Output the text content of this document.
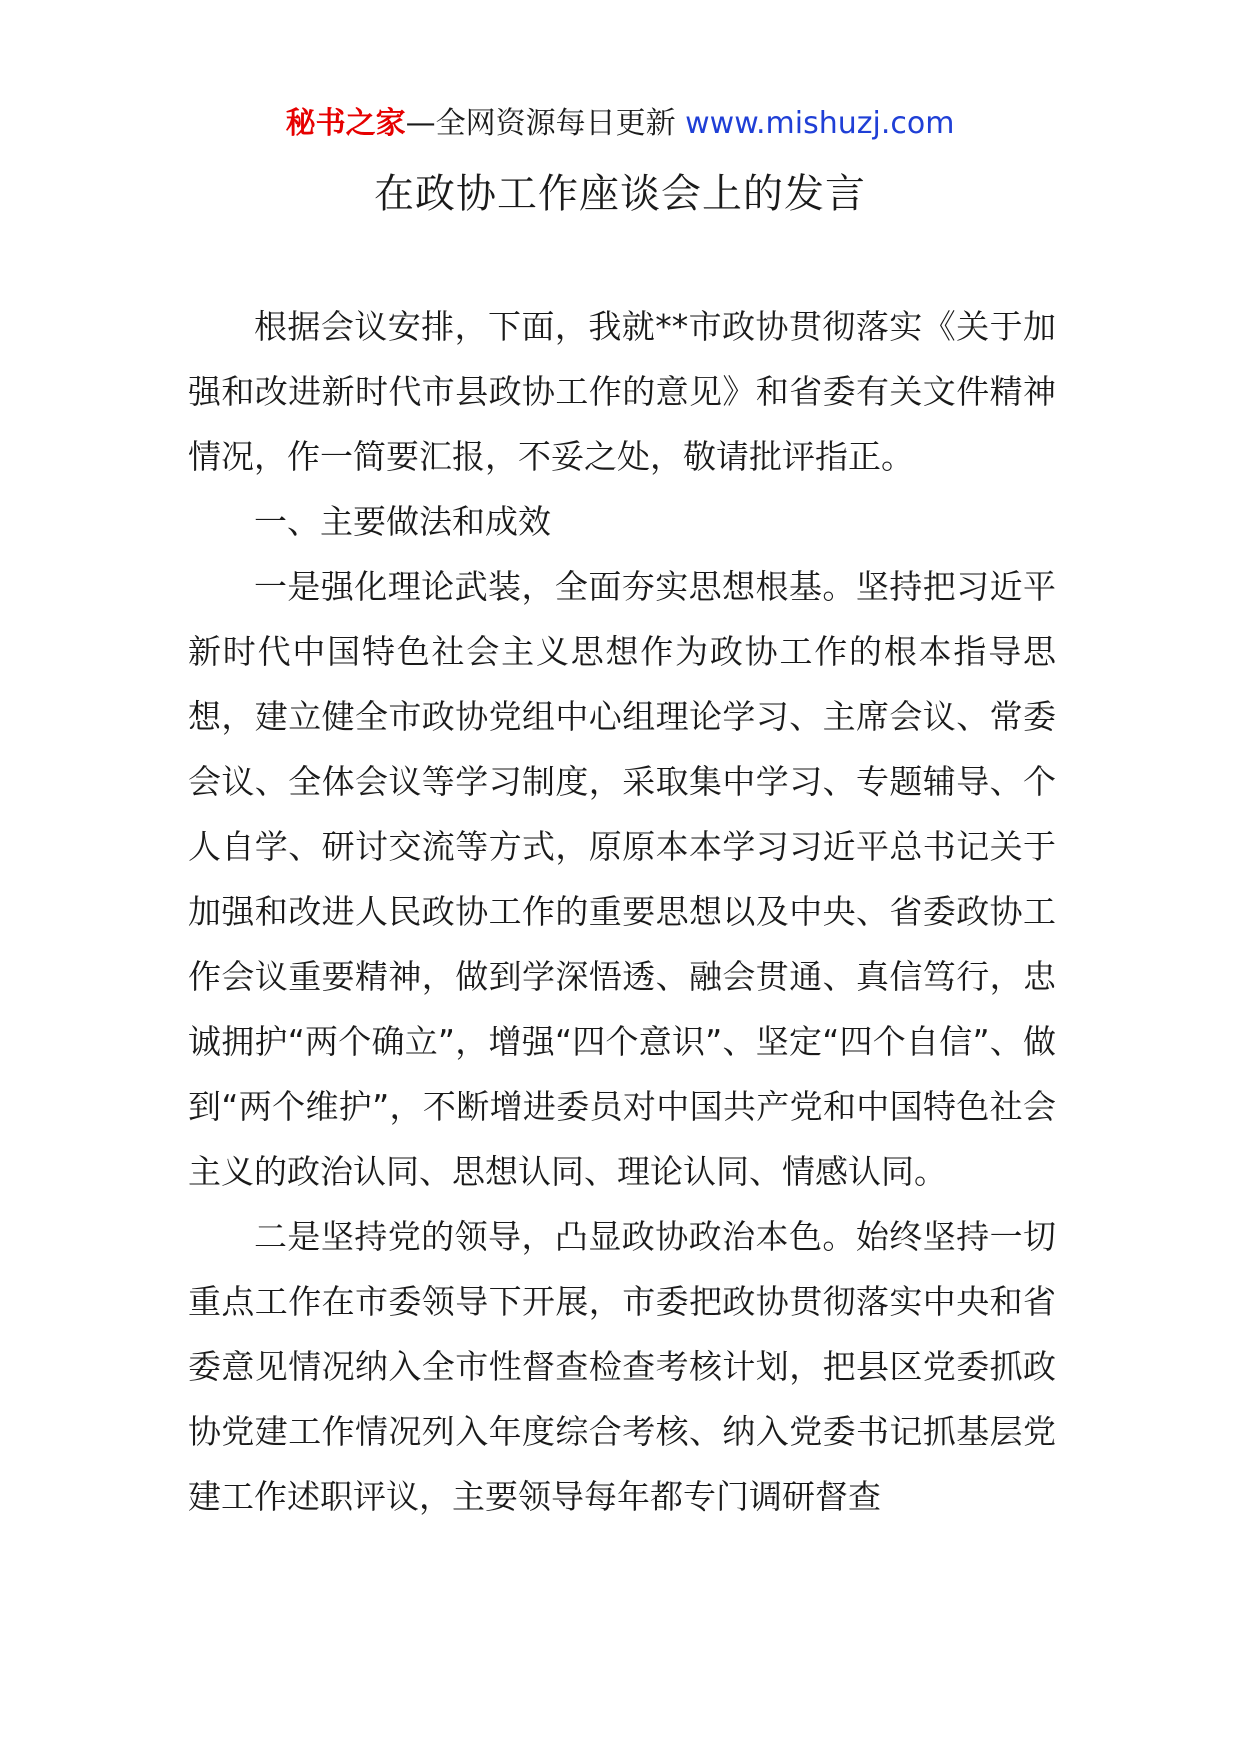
秘书之家—全网资源每日更新 www.mishuzj.com
在政协工作座谈会上的发言

根据会议安排，下面，我就**市政协贯彻落实《关于加强和改进新时代市县政协工作的意见》和省委有关文件精神情况，作一简要汇报，不妥之处，敬请批评指正。

一、主要做法和成效

一是强化理论武装，全面夯实思想根基。坚持把习近平新时代中国特色社会主义思想作为政协工作的根本指导思想，建立健全市政协党组中心组理论学习、主席会议、常委会议、全体会议等学习制度，采取集中学习、专题辅导、个人自学、研讨交流等方式，原原本本学习习近平总书记关于加强和改进人民政协工作的重要思想以及中央、省委政协工作会议重要精神，做到学深悟透、融会贯通、真信笃行，忠诚拥护“两个确立”，增强“四个意识”、坚定“四个自信”、做到“两个维护”，不断增进委员对中国共产党和中国特色社会主义的政治认同、思想认同、理论认同、情感认同。

二是坚持党的领导，凸显政协政治本色。始终坚持一切重点工作在市委领导下开展，市委把政协贯彻落实中央和省委意见情况纳入全市性督查检查考核计划，把县区党委抓政协党建工作情况列入年度综合考核、纳入党委书记抓基层党建工作述职评议，主要领导每年都专门调研督查
